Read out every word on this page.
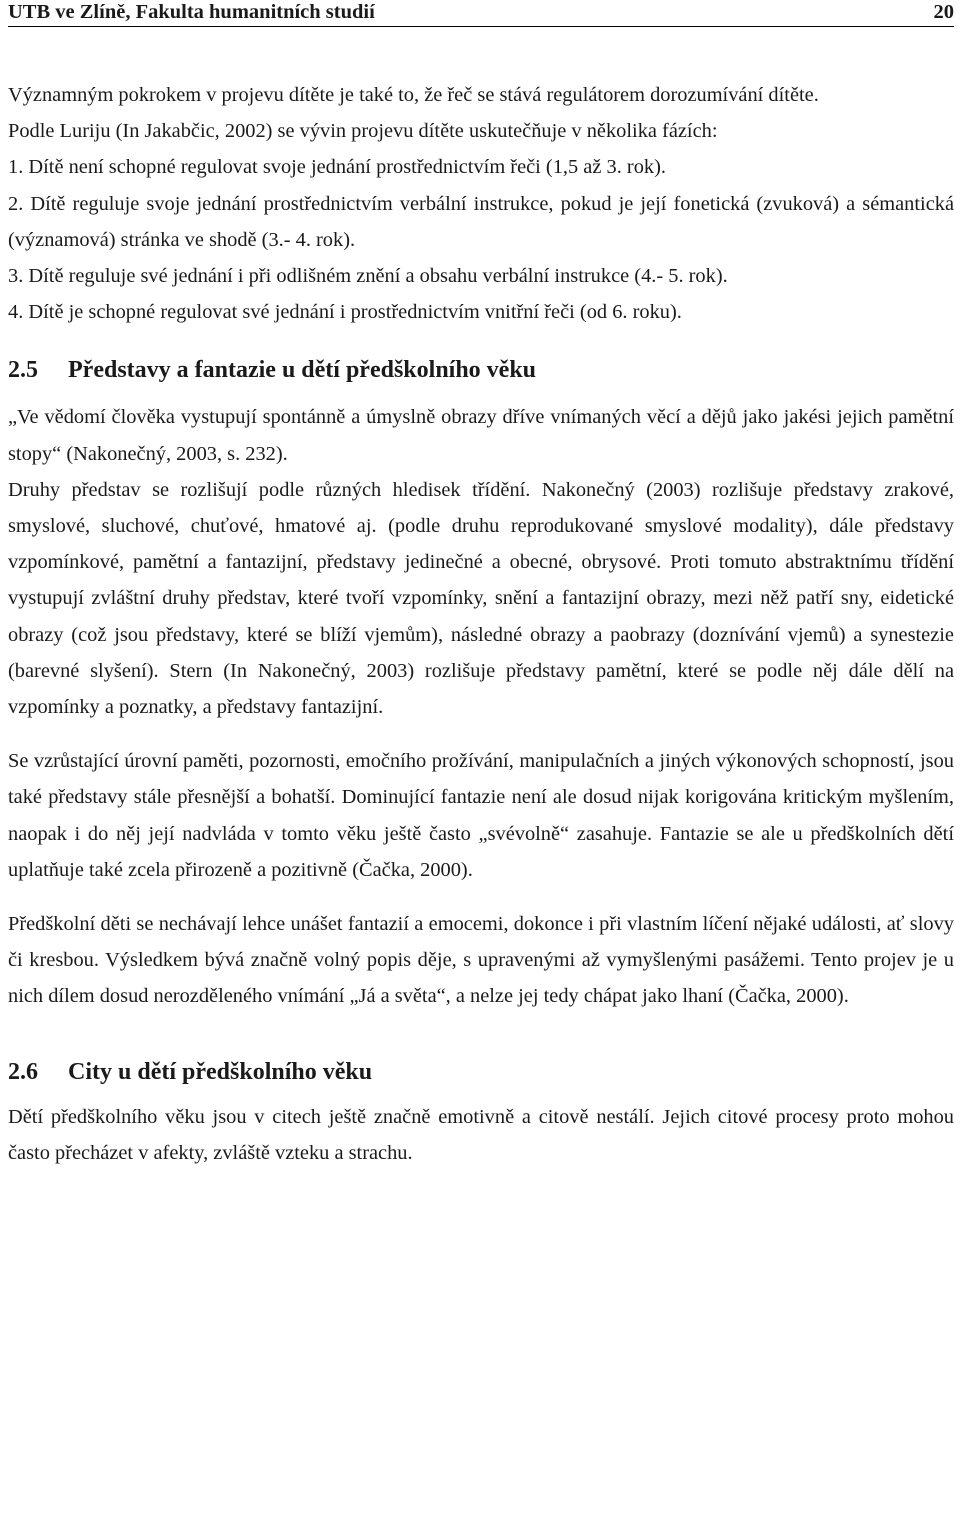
UTB ve Zlíně, Fakulta humanitních studií	20

Významným pokrokem v projevu dítěte je také to, že řeč se stává regulátorem dorozumívání dítěte.

Podle Luriju (In Jakabčic, 2002) se vývin projevu dítěte uskutečňuje v několika fázích:

1. Dítě není schopné regulovat svoje jednání prostřednictvím řeči (1,5 až 3. rok).

2. Dítě reguluje svoje jednání prostřednictvím verbální instrukce, pokud je její fonetická (zvuková) a sémantická (významová) stránka ve shodě (3.- 4. rok).

3. Dítě reguluje své jednání i při odlišném znění a obsahu verbální instrukce (4.- 5. rok).

4. Dítě je schopné regulovat své jednání i prostřednictvím vnitřní řeči (od 6. roku).

2.5 Představy a fantazie u dětí předškolního věku

„Ve vědomí člověka vystupují spontánně a úmyslně obrazy dříve vnímaných věcí a dějů jako jakési jejich pamětní stopy“ (Nakonečný, 2003, s. 232).

Druhy představ se rozlišují podle různých hledisek třídění. Nakonečný (2003) rozlišuje představy zrakové, smyslové, sluchové, chuťové, hmatové aj. (podle druhu reprodukované smyslové modality), dále představy vzpomínkové, pamětní a fantazijní, představy jedinečné a obecné, obrysové. Proti tomuto abstraktnímu třídění vystupují zvláštní druhy představ, které tvoří vzpomínky, snění a fantazijní obrazy, mezi něž patří sny, eidetické obrazy (což jsou představy, které se blíží vjemům), následné obrazy a paobrazy (doznívání vjemů) a synestezie (barevné slyšení). Stern (In Nakonečný, 2003) rozlišuje představy pamětní, které se podle něj dále dělí na vzpomínky a poznatky, a představy fantazijní.

Se vzrůstající úrovní paměti, pozornosti, emočního prožívání, manipulačních a jiných výkonových schopností, jsou také představy stále přesnější a bohatší. Dominující fantazie není ale dosud nijak korigována kritickým myšlením, naopak i do něj její nadvláda v tomto věku ještě často „svévolně“ zasahuje. Fantazie se ale u předškolních dětí uplatňuje také zcela přirozeně a pozitivně (Čačka, 2000).

Předškolní děti se nechávají lehce unášet fantazií a emocemi, dokonce i při vlastním líčení nějaké události, ať slovy či kresbou. Výsledkem bývá značně volný popis děje, s upravenými až vymyšlenými pasážemi. Tento projev je u nich dílem dosud nerozděleného vnímání „Já a světa“, a nelze jej tedy chápat jako lhaní (Čačka, 2000).

2.6 City u dětí předškolního věku

Dětí předškolního věku jsou v citech ještě značně emotivně a citově nestálí. Jejich citové procesy proto mohou často přecházet v afekty, zvláště vzteku a strachu.
